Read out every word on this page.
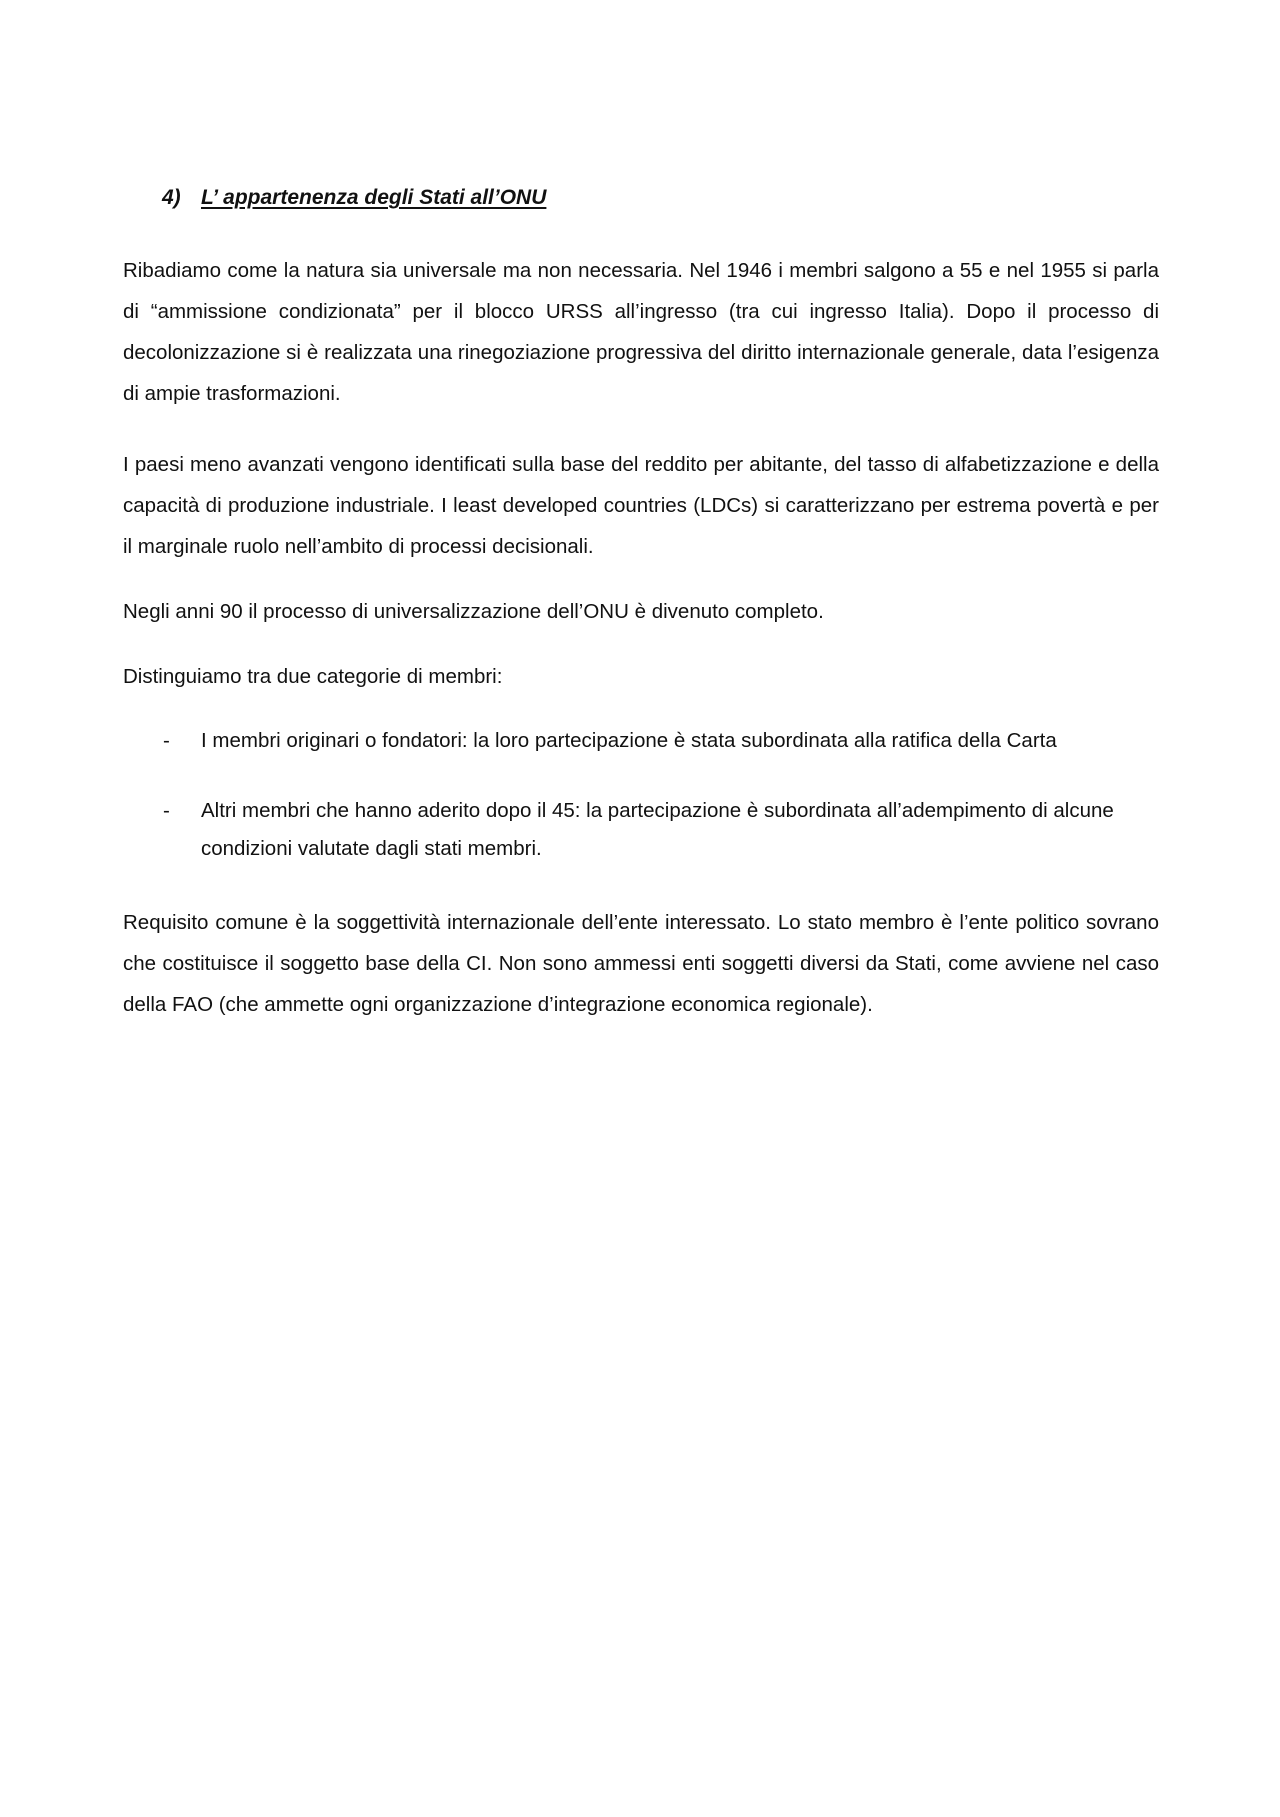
4) L’ appartenenza degli Stati all’ONU

Ribadiamo come la natura sia universale ma non necessaria. Nel 1946 i membri salgono a 55 e nel 1955 si parla di “ammissione condizionata” per il blocco URSS all’ingresso (tra cui ingresso Italia). Dopo il processo di decolonizzazione si è realizzata una rinegoziazione progressiva del diritto internazionale generale, data l’esigenza di ampie trasformazioni.

I paesi meno avanzati vengono identificati sulla base del reddito per abitante, del tasso di alfabetizzazione e della capacità di produzione industriale. I least developed countries (LDCs) si caratterizzano per estrema povertà e per il marginale ruolo nell’ambito di processi decisionali.

Negli anni 90 il processo di universalizzazione dell’ONU è divenuto completo.

Distinguiamo tra due categorie di membri:

- I membri originari o fondatori: la loro partecipazione è stata subordinata alla ratifica della Carta
- Altri membri che hanno aderito dopo il 45: la partecipazione è subordinata all’adempimento di alcune condizioni valutate dagli stati membri.

Requisito comune è la soggettività internazionale dell’ente interessato. Lo stato membro è l’ente politico sovrano che costituisce il soggetto base della CI. Non sono ammessi enti soggetti diversi da Stati, come avviene nel caso della FAO (che ammette ogni organizzazione d’integrazione economica regionale).
